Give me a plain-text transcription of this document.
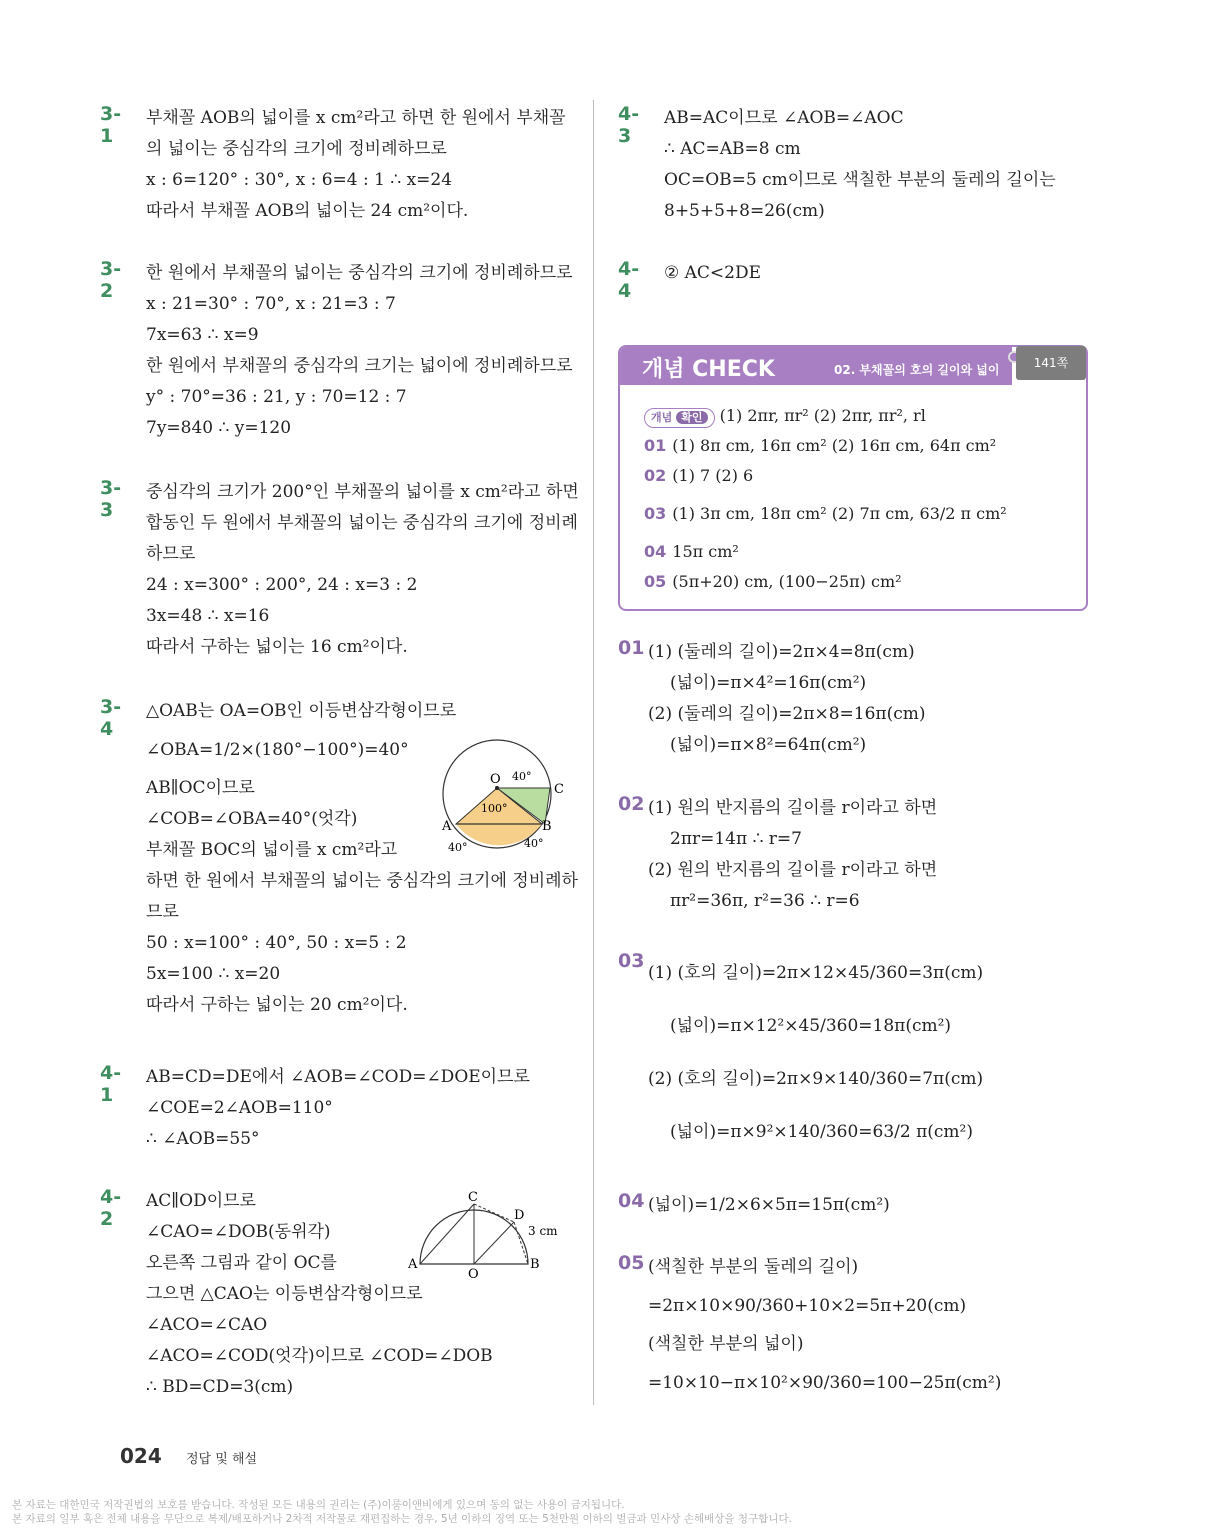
3-1
부채꼴 AOB의 넓이를 x cm²라고 하면 한 원에서 부채꼴
의 넓이는 중심각의 크기에 정비례하므로
x : 6=120° : 30°, x : 6=4 : 1 ∴ x=24
따라서 부채꼴 AOB의 넓이는 24 cm²이다.
3-2
한 원에서 부채꼴의 넓이는 중심각의 크기에 정비례하므로
x : 21=30° : 70°, x : 21=3 : 7
7x=63 ∴ x=9
한 원에서 부채꼴의 중심각의 크기는 넓이에 정비례하므로
y° : 70°=36 : 21, y : 70=12 : 7
7y=840 ∴ y=120
3-3
중심각의 크기가 200°인 부채꼴의 넓이를 x cm²라고 하면
합동인 두 원에서 부채꼴의 넓이는 중심각의 크기에 정비례
하므로
24 : x=300° : 200°, 24 : x=3 : 2
3x=48 ∴ x=16
따라서 구하는 넓이는 16 cm²이다.
3-4
△OAB는 OA=OB인 이등변삼각형이므로
∠OBA=1/2×(180°−100°)=40°
AB∥OC이므로
∠COB=∠OBA=40°(엇각)
부채꼴 BOC의 넓이를 x cm²라고
하면 한 원에서 부채꼴의 넓이는 중심각의 크기에 정비례하
므로
50 : x=100° : 40°, 50 : x=5 : 2
5x=100 ∴ x=20
따라서 구하는 넓이는 20 cm²이다.
O
C
A	B
100°
40°
40°	40°
4-1
AB=CD=DE에서 ∠AOB=∠COD=∠DOE이므로
∠COE=2∠AOB=110°
∴ ∠AOB=55°
4-2
AC∥OD이므로
∠CAO=∠DOB(동위각)
오른쪽 그림과 같이 OC를
그으면 △CAO는 이등변삼각형이므로
∠ACO=∠CAO
∠ACO=∠COD(엇각)이므로 ∠COD=∠DOB
∴ BD=CD=3(cm)
C
D
A	B
O
3 cm
4-3
AB=AC이므로 ∠AOB=∠AOC
∴ AC=AB=8 cm
OC=OB=5 cm이므로 색칠한 부분의 둘레의 길이는
8+5+5+8=26(cm)
4-4
② AC<2DE
개념 CHECK	02. 부채꼴의 호의 길이와 넓이	141쪽
개념 확인 (1) 2πr, πr² (2) 2πr, πr², rl
01 (1) 8π cm, 16π cm² (2) 16π cm, 64π cm²
02 (1) 7 (2) 6
03 (1) 3π cm, 18π cm² (2) 7π cm, 63/2 π cm²
04 15π cm²
05 (5π+20) cm, (100−25π) cm²
01 (1) (둘레의 길이)=2π×4=8π(cm)
(넓이)=π×4²=16π(cm²)
(2) (둘레의 길이)=2π×8=16π(cm)
(넓이)=π×8²=64π(cm²)
02 (1) 원의 반지름의 길이를 r이라고 하면
2πr=14π ∴ r=7
(2) 원의 반지름의 길이를 r이라고 하면
πr²=36π, r²=36 ∴ r=6
03
(1) (호의 길이)=2π×12×45/360=3π(cm)
(넓이)=π×12²×45/360=18π(cm²)
(2) (호의 길이)=2π×9×140/360=7π(cm)
(넓이)=π×9²×140/360=63/2 π(cm²)
04 (넓이)=1/2×6×5π=15π(cm²)
05 (색칠한 부분의 둘레의 길이)
=2π×10×90/360+10×2=5π+20(cm)
(색칠한 부분의 넓이)
=10×10−π×10²×90/360=100−25π(cm²)
024 정답 및 해설
본 자료는 대한민국 저작권법의 보호를 받습니다. 작성된 모든 내용의 권리는 (주)이룸이앤비에게 있으며 동의 없는 사용이 금지됩니다.
본 자료의 일부 혹은 전체 내용을 무단으로 복제/배포하거나 2차적 저작물로 재편집하는 경우, 5년 이하의 징역 또는 5천만원 이하의 벌금과 민사상 손해배상을 청구합니다.
